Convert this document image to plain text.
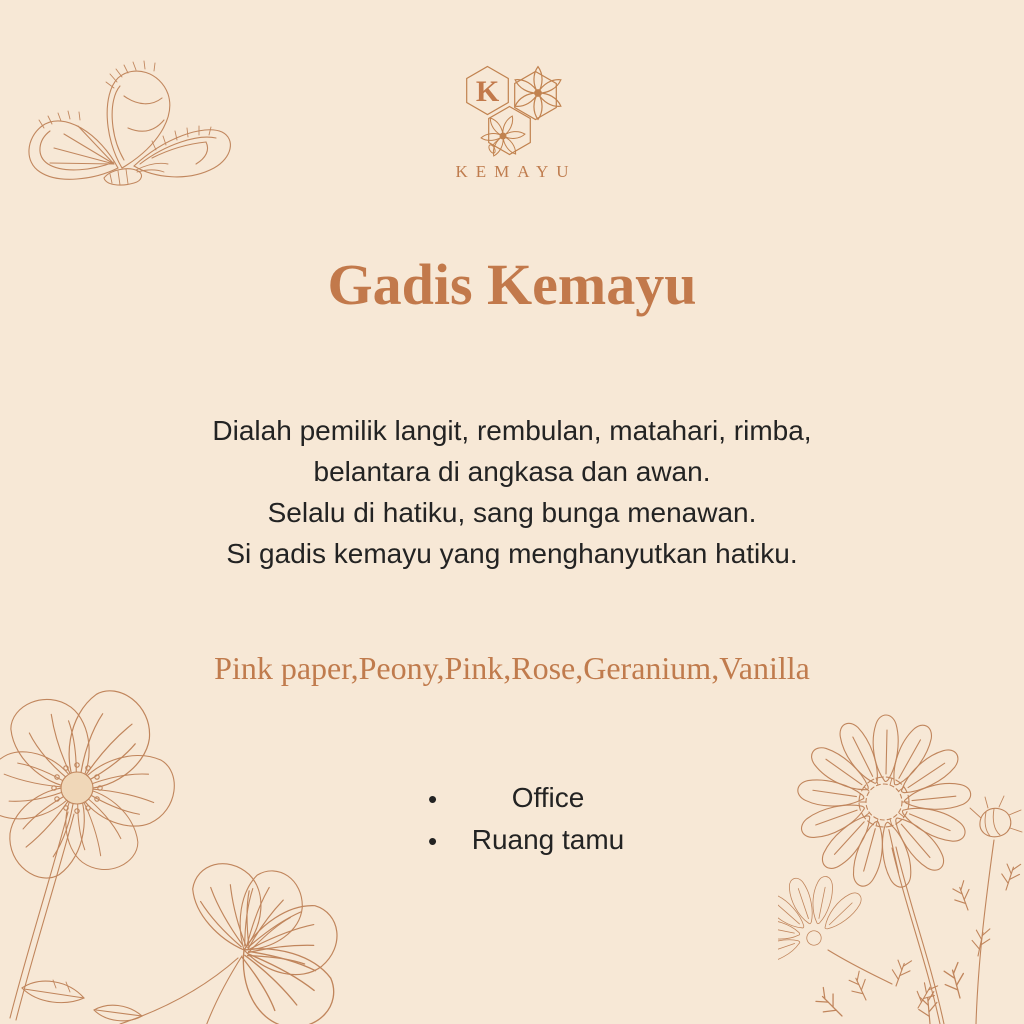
K
KEMAYU
Gadis Kemayu
Dialah pemilik langit, rembulan, matahari, rimba,
belantara di angkasa dan awan.
Selalu di hatiku, sang bunga menawan.
Si gadis kemayu yang menghanyutkan hatiku.
Pink paper,Peony,Pink,Rose,Geranium,Vanilla
•	Office
•	Ruang tamu
